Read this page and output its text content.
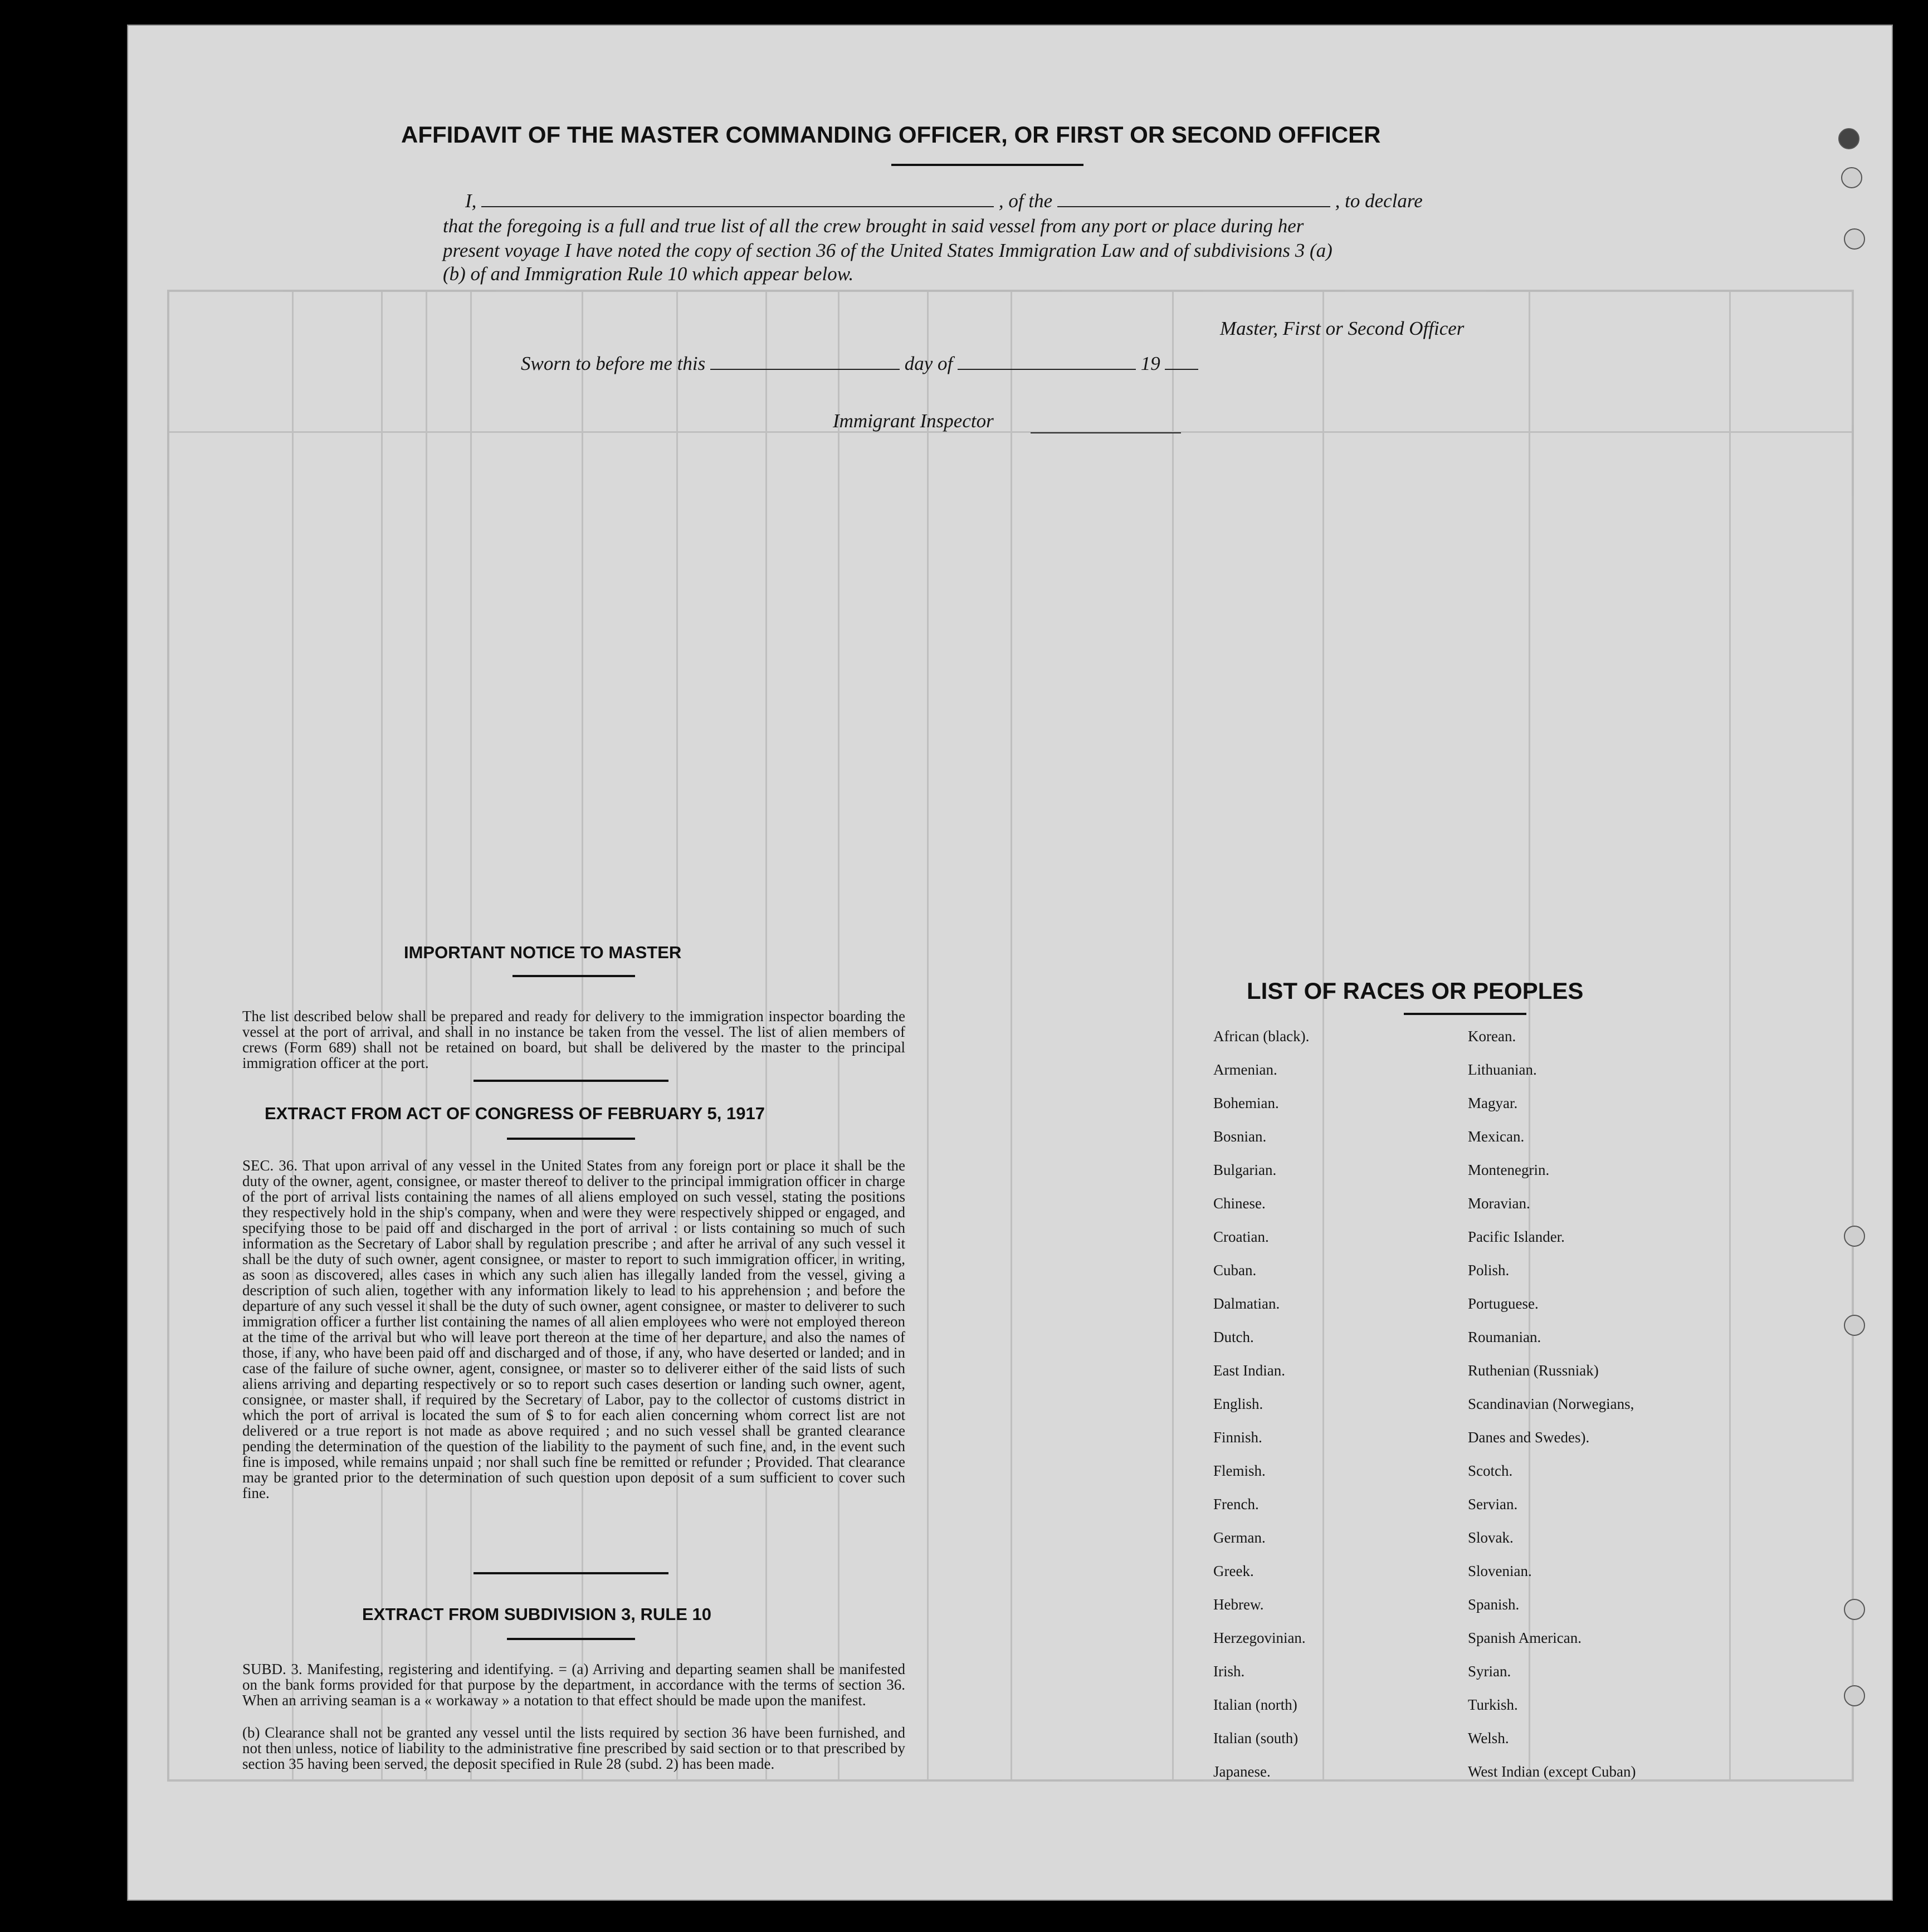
AFFIDAVIT OF THE MASTER COMMANDING OFFICER, OR FIRST OR SECOND OFFICER
I,	, of the	, to declare
that the foregoing is a full and true list of all the crew brought in said vessel from any port or place during her
present voyage I have noted the copy of section 36 of the United States Immigration Law and of subdivisions 3 (a)
(b) of and Immigration Rule 10 which appear below.
Master, First or Second Officer
Sworn to before me this	day of	19
Immigrant Inspector
IMPORTANT NOTICE TO MASTER
The list described below shall be prepared and ready for delivery to the immigration inspector boarding the vessel at the port of arrival, and shall in no instance be taken from the vessel. The list of alien members of crews (Form 689) shall not be retained on board, but shall be delivered by the master to the principal immigration officer at the port.
EXTRACT FROM ACT OF CONGRESS OF FEBRUARY 5, 1917
SEC. 36. That upon arrival of any vessel in the United States from any foreign port or place it shall be the duty of the owner, agent, consignee, or master thereof to deliver to the principal immigration officer in charge of the port of arrival lists containing the names of all aliens employed on such vessel, stating the positions they respectively hold in the ship's company, when and were they were respectively shipped or engaged, and specifying those to be paid off and discharged in the port of arrival : or lists containing so much of such information as the Secretary of Labor shall by regulation prescribe ; and after he arrival of any such vessel it shall be the duty of such owner, agent consignee, or master to report to such immigration officer, in writing, as soon as discovered, alles cases in which any such alien has illegally landed from the vessel, giving a description of such alien, together with any information likely to lead to his apprehension ; and before the departure of any such vessel it shall be the duty of such owner, agent consignee, or master to deliverer to such immigration officer a further list containing the names of all alien employees who were not employed thereon at the time of the arrival but who will leave port thereon at the time of her departure, and also the names of those, if any, who have been paid off and discharged and of those, if any, who have deserted or landed; and in case of the failure of suche owner, agent, consignee, or master so to deliverer either of the said lists of such aliens arriving and departing respectively or so to report such cases desertion or landing such owner, agent, consignee, or master shall, if required by the Secretary of Labor, pay to the collector of customs district in which the port of arrival is located the sum of $ to for each alien concerning whom correct list are not delivered or a true report is not made as above required ; and no such vessel shall be granted clearance pending the determination of the question of the liability to the payment of such fine, and, in the event such fine is imposed, while remains unpaid ; nor shall such fine be remitted or refunder ; Provided. That clearance may be granted prior to the determination of such question upon deposit of a sum sufficient to cover such fine.
EXTRACT FROM SUBDIVISION 3, RULE 10
SUBD. 3. Manifesting, registering and identifying. = (a) Arriving and departing seamen shall be manifested on the bank forms provided for that purpose by the department, in accordance with the terms of section 36. When an arriving seaman is a « workaway » a notation to that effect should be made upon the manifest.
(b) Clearance shall not be granted any vessel until the lists required by section 36 have been furnished, and not then unless, notice of liability to the administrative fine prescribed by said section or to that prescribed by section 35 having been served, the deposit specified in Rule 28 (subd. 2) has been made.
LIST OF RACES OR PEOPLES
African (black).
Armenian.
Bohemian.
Bosnian.
Bulgarian.
Chinese.
Croatian.
Cuban.
Dalmatian.
Dutch.
East Indian.
English.
Finnish.
Flemish.
French.
German.
Greek.
Hebrew.
Herzegovinian.
Irish.
Italian (north)
Italian (south)
Japanese.
Korean.
Lithuanian.
Magyar.
Mexican.
Montenegrin.
Moravian.
Pacific Islander.
Polish.
Portuguese.
Roumanian.
Ruthenian (Russniak)
Scandinavian (Norwegians,
Danes and Swedes).
Scotch.
Servian.
Slovak.
Slovenian.
Spanish.
Spanish American.
Syrian.
Turkish.
Welsh.
West Indian (except Cuban)
